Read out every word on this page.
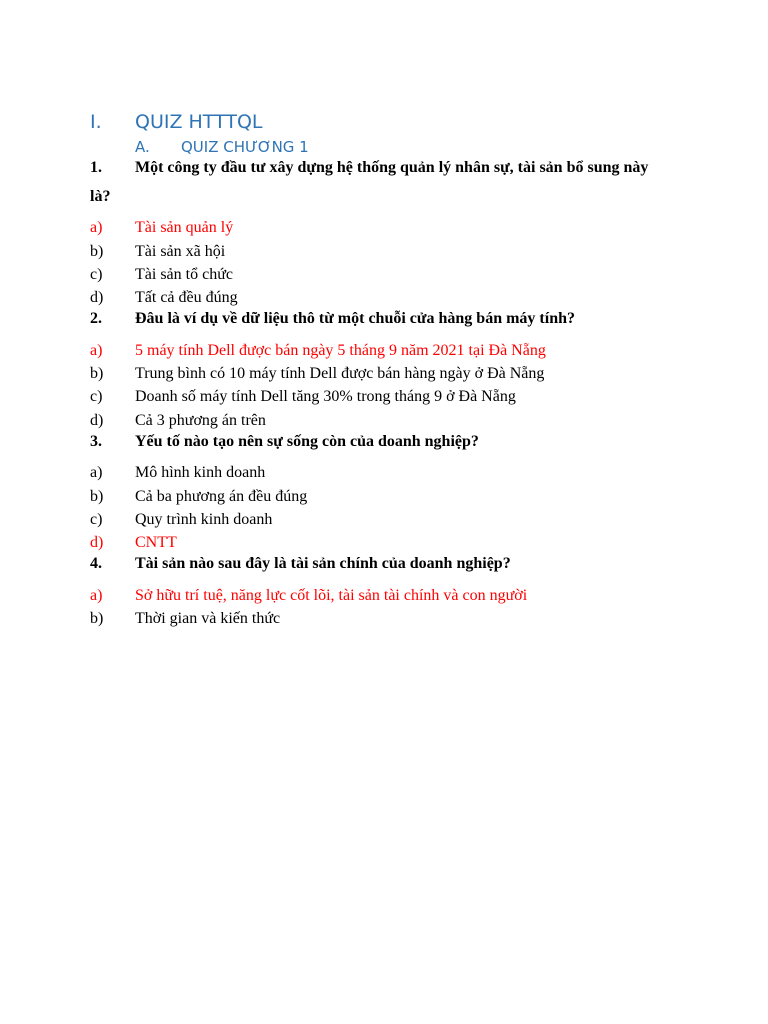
I. QUIZ HTTTQL
A. QUIZ CHƯƠNG 1
1. Một công ty đầu tư xây dựng hệ thống quản lý nhân sự, tài sản bổ sung này
là?
a) Tài sản quản lý
b) Tài sản xã hội
c) Tài sản tổ chức
d) Tất cả đều đúng
2. Đâu là ví dụ về dữ liệu thô từ một chuỗi cửa hàng bán máy tính?
a) 5 máy tính Dell được bán ngày 5 tháng 9 năm 2021 tại Đà Nẵng
b) Trung bình có 10 máy tính Dell được bán hàng ngày ở Đà Nẵng
c) Doanh số máy tính Dell tăng 30% trong tháng 9 ở Đà Nẵng
d) Cả 3 phương án trên
3. Yếu tố nào tạo nên sự sống còn của doanh nghiệp?
a) Mô hình kinh doanh
b) Cả ba phương án đều đúng
c) Quy trình kinh doanh
d) CNTT
4. Tài sản nào sau đây là tài sản chính của doanh nghiệp?
a) Sở hữu trí tuệ, năng lực cốt lõi, tài sản tài chính và con người
b) Thời gian và kiến thức
